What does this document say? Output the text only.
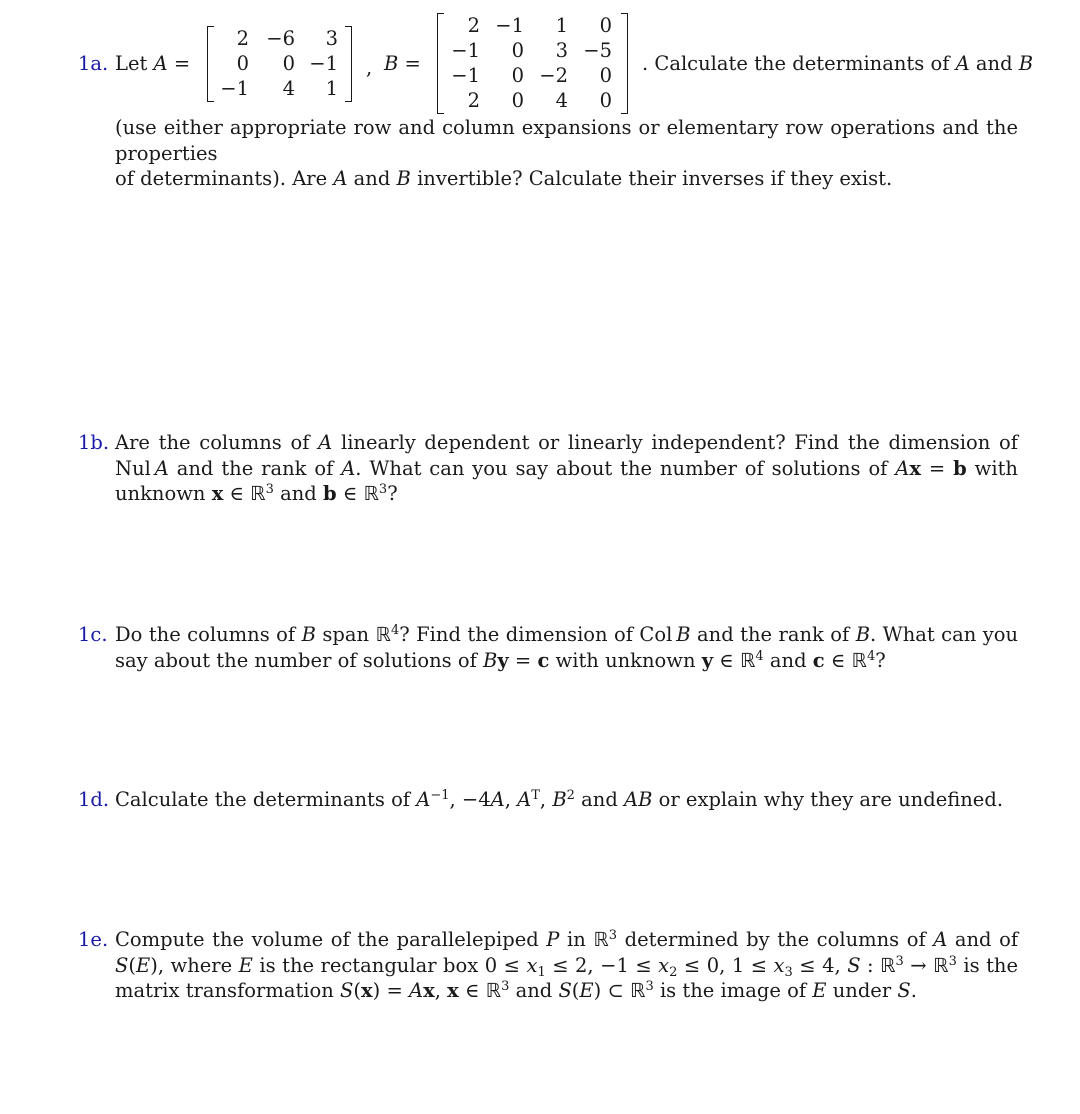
1a. Let A =
2 −6 3
0 0 −1
−1 4 1
, B =
2 −1 1 0
−1 0 3 −5
−1 0 −2 0
2 0 4 0
. Calculate the determinants of A and B
(use either appropriate row and column expansions or elementary row operations and the properties
of determinants). Are A and B invertible? Calculate their inverses if they exist.
1b. Are the columns of A linearly dependent or linearly independent? Find the dimension of Nul  A and the rank of A. What can you say about the number of solutions of Ax = b with unknown x ∈ ℝ$^3$ and b ∈ ℝ$^3$?
1c. Do the columns of B span ℝ$^4$? Find the dimension of Col  B and the rank of B. What can you say about the number of solutions of By = c with unknown y ∈ ℝ$^4$ and c ∈ ℝ$^4$?
1d. Calculate the determinants of $A^{-1}$, −4A, $A^T$, $B^2$ and AB or explain why they are undefined.
1e. Compute the volume of the parallelepiped P in ℝ$^3$ determined by the columns of A and of S(E), where E is the rectangular box $0 \le x_1 \le 2$, $-1 \le x_2 \le 0$, $1 \le x_3 \le 4$, S : ℝ$^3$ → ℝ$^3$ is the matrix transformation S(x) = Ax, x ∈ ℝ$^3$ and S(E) ⊂ ℝ$^3$ is the image of E under S.
